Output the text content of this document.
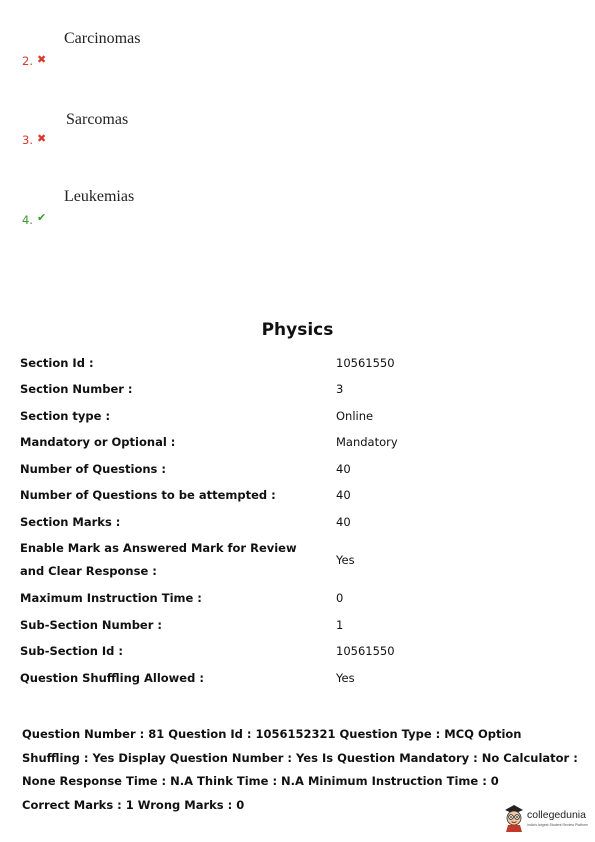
Carcinomas
2. ✖
Sarcomas
3. ✖
Leukemias
4. ✔
Physics
Section Id :	10561550
Section Number :	3
Section type :	Online
Mandatory or Optional :	Mandatory
Number of Questions :	40
Number of Questions to be attempted :	40
Section Marks :	40
Enable Mark as Answered Mark for Review and Clear Response :	Yes
Maximum Instruction Time :	0
Sub-Section Number :	1
Sub-Section Id :	10561550
Question Shuffling Allowed :	Yes
Question Number : 81 Question Id : 1056152321 Question Type : MCQ Option Shuffling : Yes Display Question Number : Yes Is Question Mandatory : No Calculator : None Response Time : N.A Think Time : N.A Minimum Instruction Time : 0
Correct Marks : 1 Wrong Marks : 0
collegedunia
India's largest Student Review Platform
